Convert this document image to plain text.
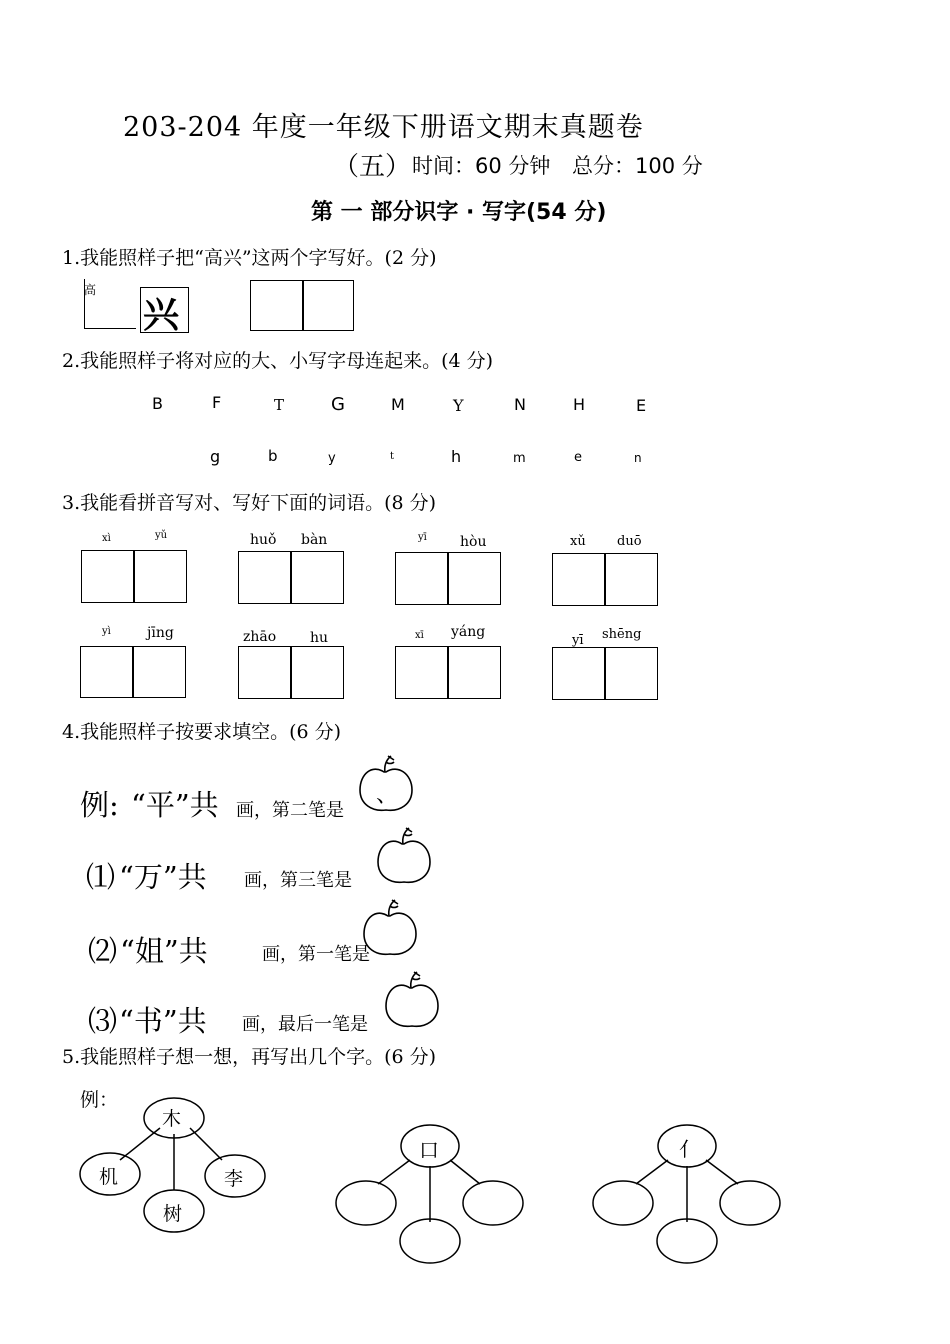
203-204 年度一年级下册语文期末真题卷
（五） 时间：60 分钟 总分：100 分
第 一 部分识字 · 写字(54 分)
1.我能照样子把“高兴”这两个字写好。(2 分)
高
兴
2.我能照样子将对应的大、小写字母连起来。(4 分)
B	F	T	G	M	Y	N	H	E
g	b	y	t	h	m	e	n
3.我能看拼音写对、写好下面的词语。(8 分)
xì	yǔ	huǒ bàn	yī hòu	xǔ duō
yì	jīng	zhāo hu	xī yáng
yī shēng
4.我能照样子按要求填空。(6 分)
例: “平”共 画，第二笔是
⑴ “万”共 画，第三笔是
⑵ “姐”共	画，第一笔是
⑶ “书”共 画，最后一笔是
、
5.我能照样子想一想，再写出几个字。(6 分)
例：
木
机
树
李
口	亻
